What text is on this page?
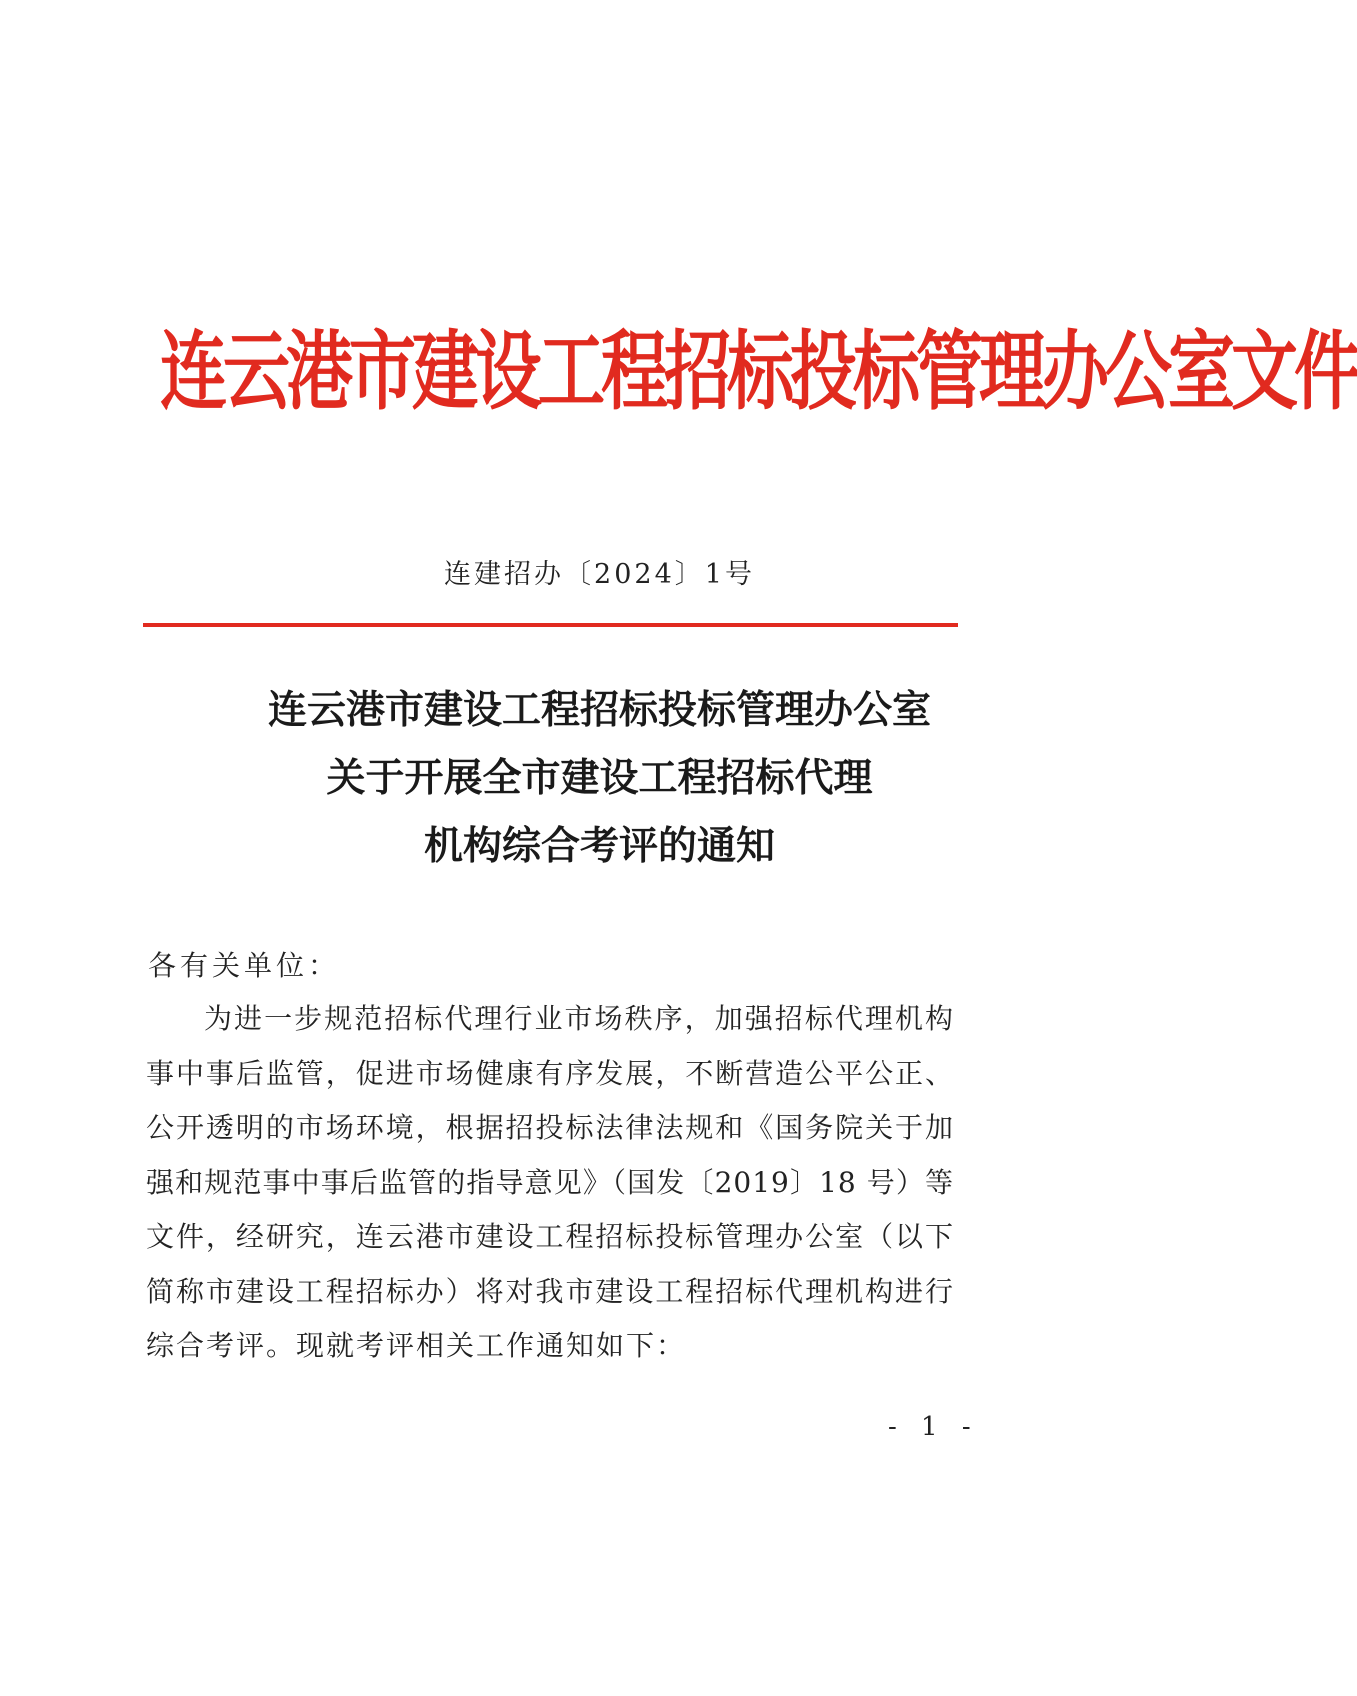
连云港市建设工程招标投标管理办公室文件
连建招办〔2024〕1号
连云港市建设工程招标投标管理办公室
关于开展全市建设工程招标代理
机构综合考评的通知
各有关单位：
为进一步规范招标代理行业市场秩序，加强招标代理机构
事中事后监管，促进市场健康有序发展，不断营造公平公正、
公开透明的市场环境，根据招投标法律法规和《国务院关于加
强和规范事中事后监管的指导意见》（国发〔2019〕18 号）等
文件，经研究，连云港市建设工程招标投标管理办公室（以下
简称市建设工程招标办）将对我市建设工程招标代理机构进行
综合考评。现就考评相关工作通知如下：
- 1 -
